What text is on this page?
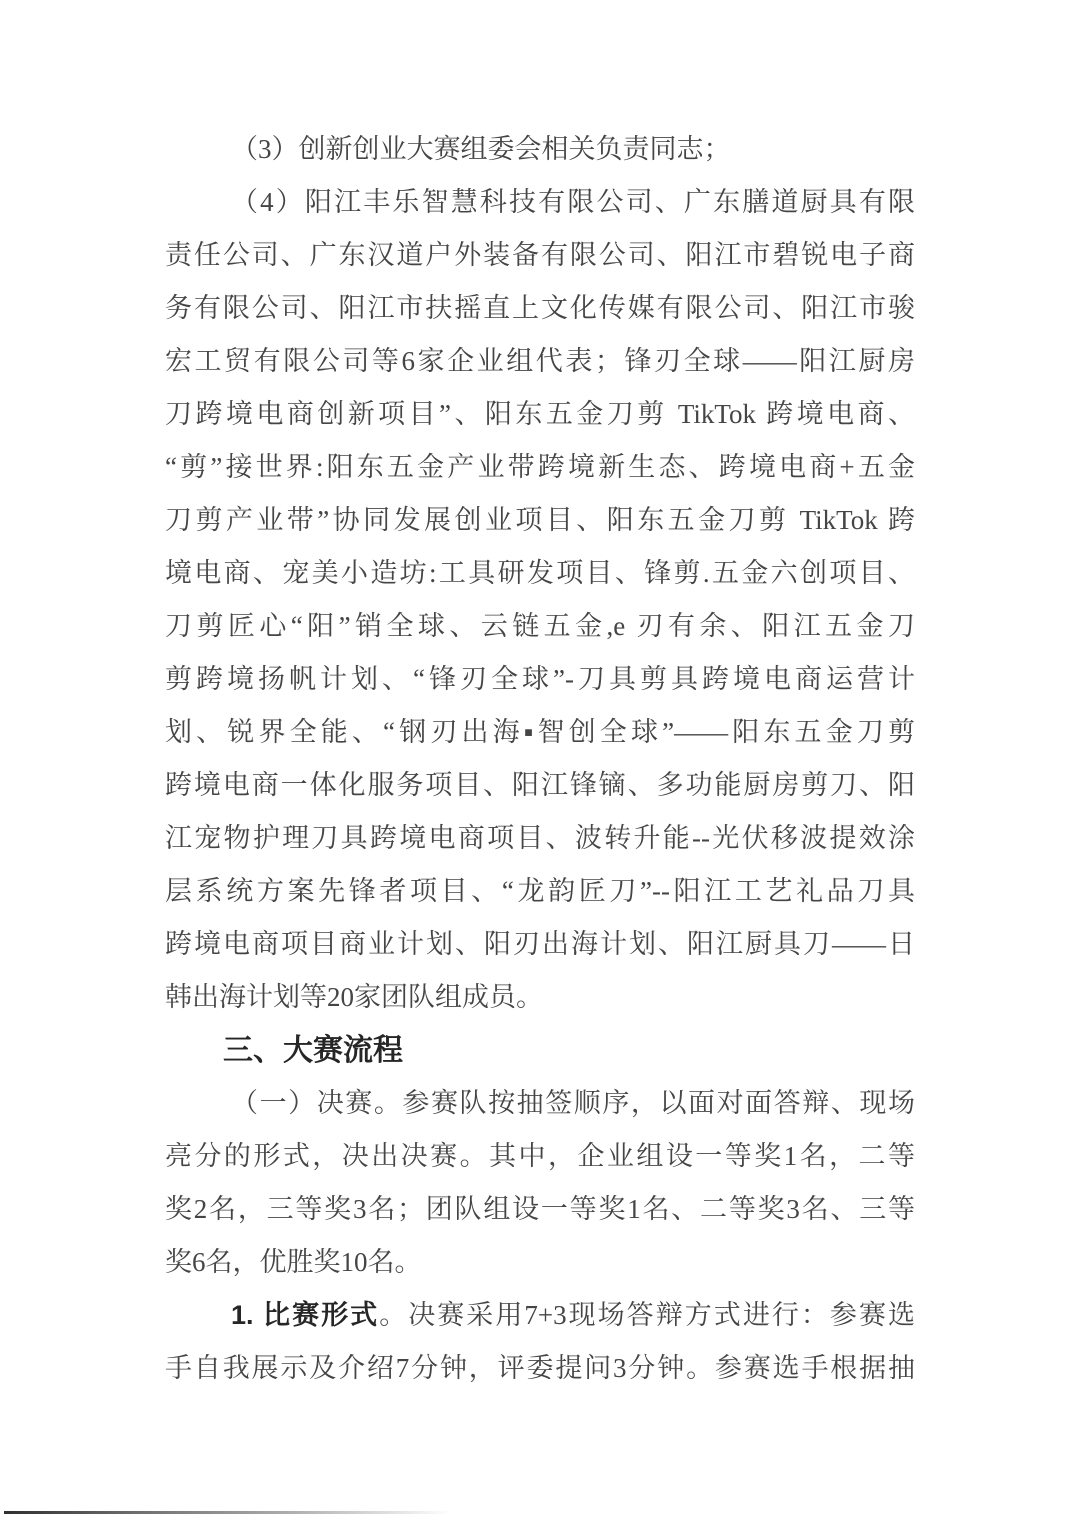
（3）创新创业大赛组委会相关负责同志；
（4）阳江丰乐智慧科技有限公司、广东膳道厨具有限
责任公司、广东汉道户外装备有限公司、阳江市碧锐电子商
务有限公司、阳江市扶摇直上文化传媒有限公司、阳江市骏
宏工贸有限公司等6家企业组代表；锋刃全球——阳江厨房
刀跨境电商创新项目”、阳东五金刀剪 TikTok 跨境电商、
“剪”接世界:阳东五金产业带跨境新生态、跨境电商+五金
刀剪产业带”协同发展创业项目、阳东五金刀剪 TikTok 跨
境电商、宠美小造坊:工具研发项目、锋剪.五金六创项目、
刀剪匠心“阳”销全球、云链五金,e 刃有余、阳江五金刀
剪跨境扬帆计划、“锋刃全球”-刀具剪具跨境电商运营计
划、锐界全能、“钢刃出海▪智创全球”——阳东五金刀剪
跨境电商一体化服务项目、阳江锋镝、多功能厨房剪刀、阳
江宠物护理刀具跨境电商项目、波转升能--光伏移波提效涂
层系统方案先锋者项目、“龙韵匠刀”--阳江工艺礼品刀具
跨境电商项目商业计划、阳刃出海计划、阳江厨具刀——日
韩出海计划等20家团队组成员。
三、大赛流程
（一）决赛。参赛队按抽签顺序，以面对面答辩、现场
亮分的形式，决出决赛。其中，企业组设一等奖1名，二等
奖2名，三等奖3名；团队组设一等奖1名、二等奖3名、三等
奖6名，优胜奖10名。
1. 比赛形式。决赛采用7+3现场答辩方式进行：参赛选
手自我展示及介绍7分钟，评委提问3分钟。参赛选手根据抽
